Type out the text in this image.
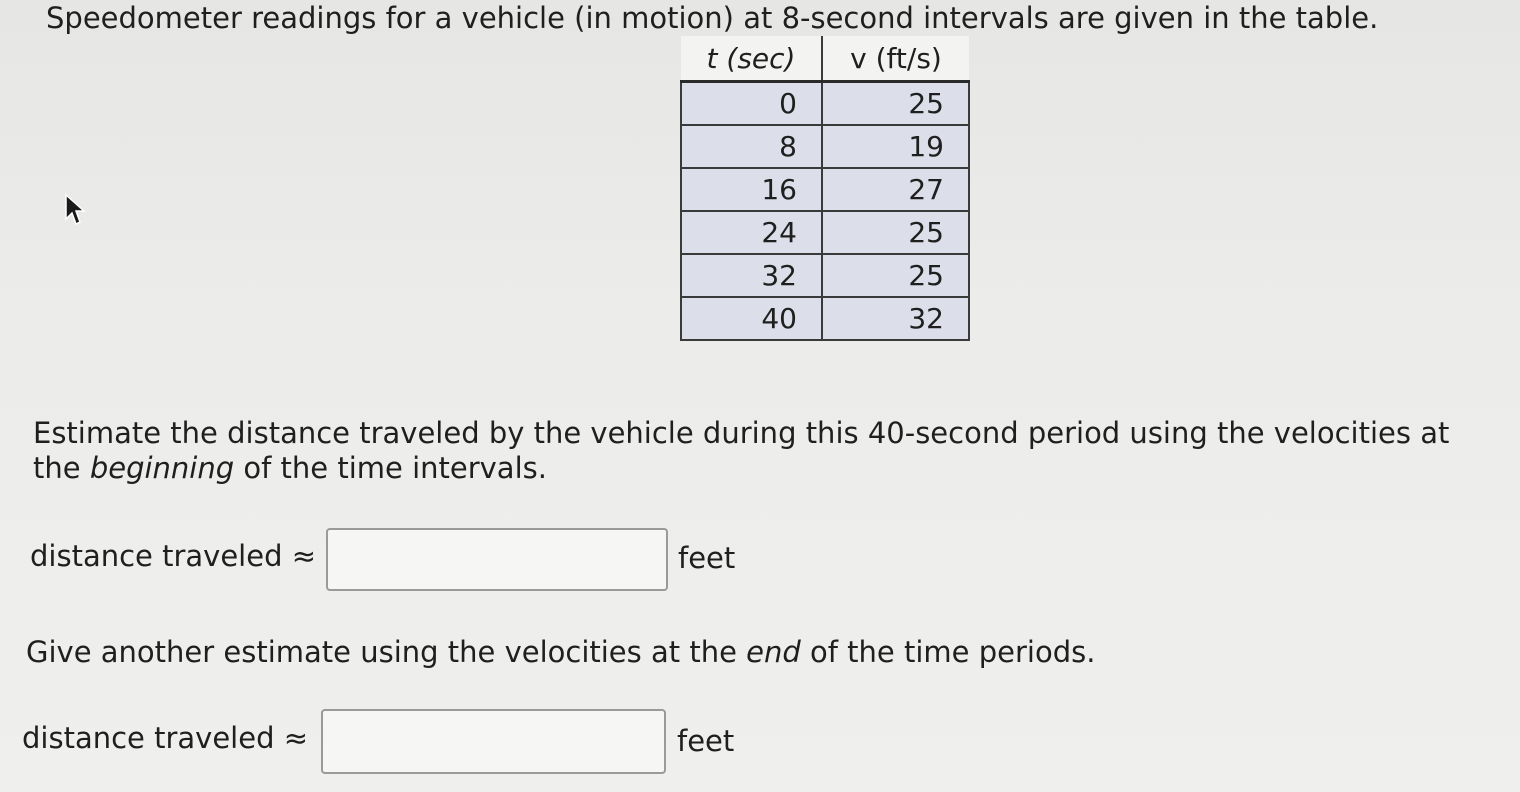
Speedometer readings for a vehicle (in motion) at 8-second intervals are given in the table.
t (sec)	v (ft/s)
0	25
8	19
16	27
24	25
32	25
40	32
Estimate the distance traveled by the vehicle during this 40-second period using the velocities at the beginning of the time intervals.
distance traveled ≈	feet
Give another estimate using the velocities at the end of the time periods.
distance traveled ≈	feet
